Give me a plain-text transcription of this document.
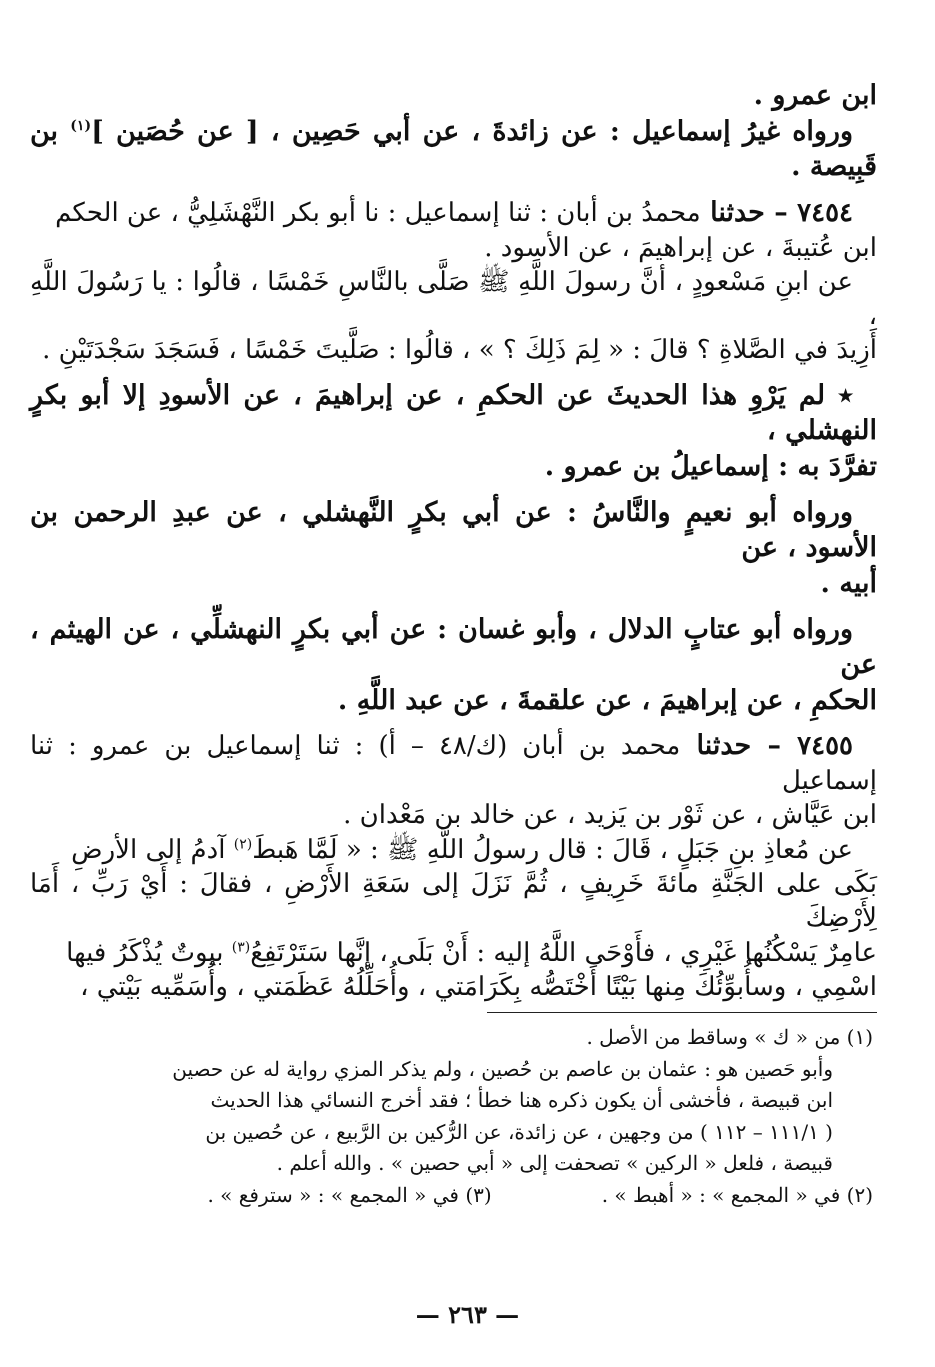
ابن عمرو .

ورواه غيرُ إسماعيل : عن زائدةَ ، عن أبي حَصِين ، [ عن حُصَين ]$^{(١)}$ بن قَبِيصة .

٧٤٥٤ – حدثنا محمدُ بن أبان : ثنا إسماعيل : نا أبو بكر النَّهْشَلِيُّ ، عن الحكم

ابن عُتيبةَ ، عن إبراهيمَ ، عن الأسود .

عن ابنِ مَسْعودٍ ، أنَّ رسولَ اللَّهِ ﷺ صَلَّى بالنَّاسِ خَمْسًا ، قالُوا : يا رَسُولَ اللَّهِ ،

أَزِيدَ في الصَّلاةِ ؟ قالَ : « لِمَ ذَلِكَ ؟ » ، قالُوا : صَلَّيتَ خَمْسًا ، فَسَجَدَ سَجْدَتَيْنِ .

٭ لم يَرْوِ هذا الحديثَ عن الحكمِ ، عن إبراهيمَ ، عن الأسودِ إلا أبو بكرٍ النهشلي ،

تفرَّدَ به : إسماعيلُ بن عمرو .

ورواه أبو نعيمٍ والنَّاسُ : عن أبي بكرٍ النَّهشلي ، عن عبدِ الرحمن بن الأسود ، عن

أبيه .

ورواه أبو عتابٍ الدلال ، وأبو غسان : عن أبي بكرٍ النهشلِّي ، عن الهيثم ، عن

الحكمِ ، عن إبراهيمَ ، عن علقمةَ ، عن عبد اللَّهِ .

٧٤٥٥ – حدثنا محمد بن أبان (ك/٤٨ – أ) : ثنا إسماعيل بن عمرو : ثنا إسماعيل

ابن عَيَّاش ، عن ثَوْر بن يَزيد ، عن خالد بن مَعْدان .

عن مُعاذِ بنِ جَبَلٍ ، قَالَ : قال رسولُ اللَّهِ ﷺ : « لَمَّا هَبطَ$^{(٢)}$ آدمُ إلى الأرضِ

بَكَى على الجَنَّةِ مائةَ خَرِيفٍ ، ثُمَّ نَزَلَ إلى سَعَةِ الأَرْضِ ، فقالَ : أَيْ رَبِّ ، أَمَا لِأَرْضِكَ

عامِرٌ يَسْكُنُها غَيْرِي ، فأَوْحَى اللَّهُ إليه : أَنْ بَلَى ، إنَّها سَتَرْتَفِعُ$^{(٣)}$ بيوتٌ يُذْكَرُ فيها

اسْمِي ، وسأُبوِّئُكَ مِنها بَيْتًا أَخْتَصُّه بِكَرَامَتي ، وأُحَلِّلُهُ عَظَمَتي ، وأُسَمِّيه بَيْتي ،

(١) من « ك » وساقط من الأصل .

وأبو حَصين هو : عثمان بن عاصم بن حُصين ، ولم يذكر المزي رواية له عن حصين

ابن قبيصة ، فأخشى أن يكون ذكره هنا خطأ ؛ فقد أخرج النسائي هذا الحديث

( ١١١/١ – ١١٢ ) من وجهين ، عن زائدة، عن الرُّكين بن الرَّبيع ، عن حُصين بن

قبيصة ، فلعل « الركين » تصحفت إلى « أبي حصين » . والله أعلم .

(٢) في « المجمع » : « أهبط » .
(٣) في « المجمع » : « سترفع » .
— ٢٦٣ —
